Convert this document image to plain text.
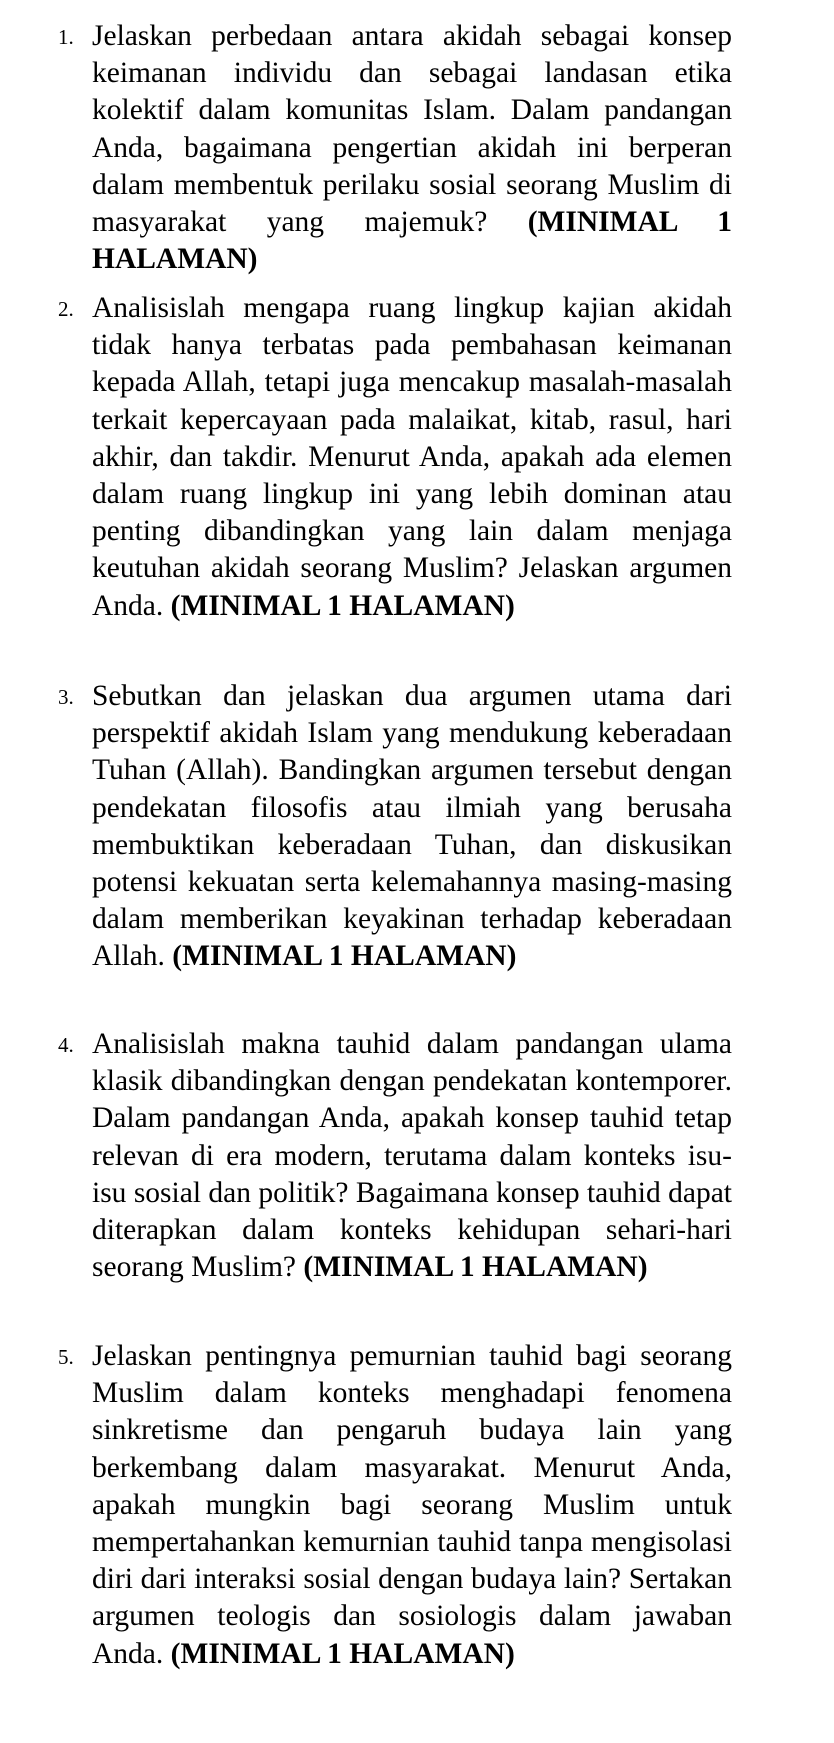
1. Jelaskan perbedaan antara akidah sebagai konsep keimanan individu dan sebagai landasan etika kolektif dalam komunitas Islam. Dalam pandangan Anda, bagaimana pengertian akidah ini berperan dalam membentuk perilaku sosial seorang Muslim di masyarakat yang majemuk? (MINIMAL 1 HALAMAN)
2. Analisislah mengapa ruang lingkup kajian akidah tidak hanya terbatas pada pembahasan keimanan kepada Allah, tetapi juga mencakup masalah-masalah terkait kepercayaan pada malaikat, kitab, rasul, hari akhir, dan takdir. Menurut Anda, apakah ada elemen dalam ruang lingkup ini yang lebih dominan atau penting dibandingkan yang lain dalam menjaga keutuhan akidah seorang Muslim? Jelaskan argumen Anda. (MINIMAL 1 HALAMAN)
3. Sebutkan dan jelaskan dua argumen utama dari perspektif akidah Islam yang mendukung keberadaan Tuhan (Allah). Bandingkan argumen tersebut dengan pendekatan filosofis atau ilmiah yang berusaha membuktikan keberadaan Tuhan, dan diskusikan potensi kekuatan serta kelemahannya masing-masing dalam memberikan keyakinan terhadap keberadaan Allah. (MINIMAL 1 HALAMAN)
4. Analisislah makna tauhid dalam pandangan ulama klasik dibandingkan dengan pendekatan kontemporer. Dalam pandangan Anda, apakah konsep tauhid tetap relevan di era modern, terutama dalam konteks isu-isu sosial dan politik? Bagaimana konsep tauhid dapat diterapkan dalam konteks kehidupan sehari-hari seorang Muslim? (MINIMAL 1 HALAMAN)
5. Jelaskan pentingnya pemurnian tauhid bagi seorang Muslim dalam konteks menghadapi fenomena sinkretisme dan pengaruh budaya lain yang berkembang dalam masyarakat. Menurut Anda, apakah mungkin bagi seorang Muslim untuk mempertahankan kemurnian tauhid tanpa mengisolasi diri dari interaksi sosial dengan budaya lain? Sertakan argumen teologis dan sosiologis dalam jawaban Anda. (MINIMAL 1 HALAMAN)
